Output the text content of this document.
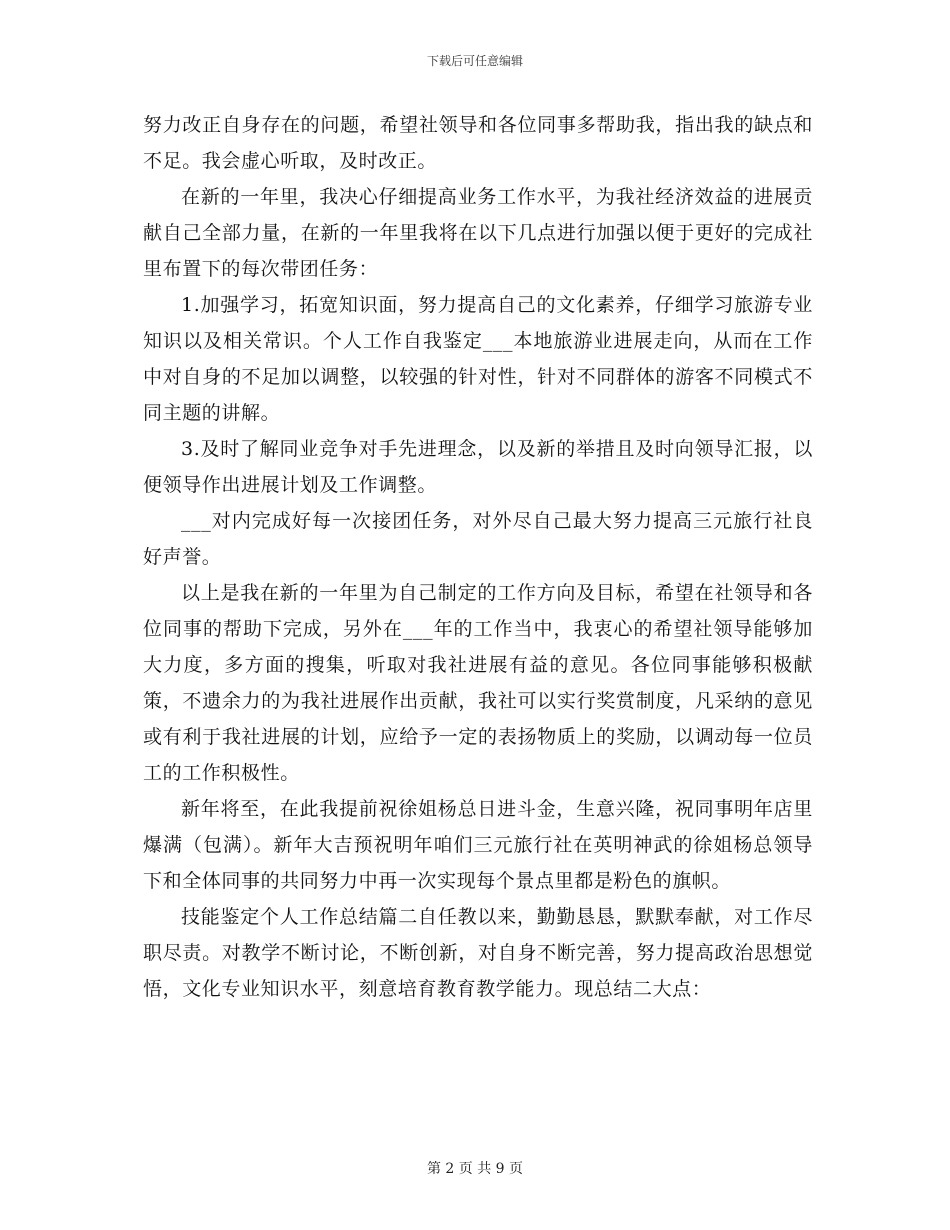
下载后可任意编辑

努力改正自身存在的问题，希望社领导和各位同事多帮助我，指出我的缺点和不足。我会虚心听取，及时改正。

在新的一年里，我决心仔细提高业务工作水平，为我社经济效益的进展贡献自己全部力量，在新的一年里我将在以下几点进行加强以便于更好的完成社里布置下的每次带团任务：

1.加强学习，拓宽知识面，努力提高自己的文化素养，仔细学习旅游专业知识以及相关常识。个人工作自我鉴定___本地旅游业进展走向，从而在工作中对自身的不足加以调整，以较强的针对性，针对不同群体的游客不同模式不同主题的讲解。

3.及时了解同业竞争对手先进理念，以及新的举措且及时向领导汇报，以便领导作出进展计划及工作调整。

___对内完成好每一次接团任务，对外尽自己最大努力提高三元旅行社良好声誉。

以上是我在新的一年里为自己制定的工作方向及目标，希望在社领导和各位同事的帮助下完成，另外在___年的工作当中，我衷心的希望社领导能够加大力度，多方面的搜集，听取对我社进展有益的意见。各位同事能够积极献策，不遗余力的为我社进展作出贡献，我社可以实行奖赏制度，凡采纳的意见或有利于我社进展的计划，应给予一定的表扬物质上的奖励，以调动每一位员工的工作积极性。

新年将至，在此我提前祝徐姐杨总日进斗金，生意兴隆，祝同事明年店里爆满（包满）。新年大吉预祝明年咱们三元旅行社在英明神武的徐姐杨总领导下和全体同事的共同努力中再一次实现每个景点里都是粉色的旗帜。

技能鉴定个人工作总结篇二自任教以来，勤勤恳恳，默默奉献，对工作尽职尽责。对教学不断讨论，不断创新，对自身不断完善，努力提高政治思想觉悟，文化专业知识水平，刻意培育教育教学能力。现总结二大点：

第 2 页 共 9 页
